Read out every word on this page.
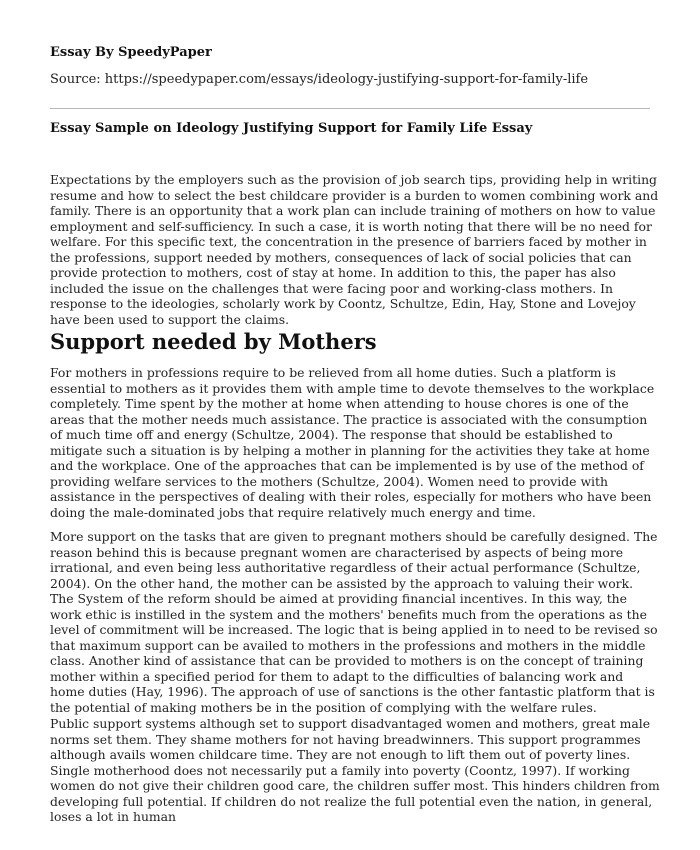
Essay By SpeedyPaper
Source: https://speedypaper.com/essays/ideology-justifying-support-for-family-life
Essay Sample on Ideology Justifying Support for Family Life Essay

Expectations by the employers such as the provision of job search tips, providing help in writing resume and how to select the best childcare provider is a burden to women combining work and family. There is an opportunity that a work plan can include training of mothers on how to value employment and self-sufficiency. In such a case, it is worth noting that there will be no need for welfare. For this specific text, the concentration in the presence of barriers faced by mother in the professions, support needed by mothers, consequences of lack of social policies that can provide protection to mothers, cost of stay at home. In addition to this, the paper has also included the issue on the challenges that were facing poor and working-class mothers. In response to the ideologies, scholarly work by Coontz, Schultze, Edin, Hay, Stone and Lovejoy have been used to support the claims.

Support needed by Mothers

For mothers in professions require to be relieved from all home duties. Such a platform is essential to mothers as it provides them with ample time to devote themselves to the workplace completely. Time spent by the mother at home when attending to house chores is one of the areas that the mother needs much assistance. The practice is associated with the consumption of much time off and energy (Schultze, 2004). The response that should be established to mitigate such a situation is by helping a mother in planning for the activities they take at home and the workplace. One of the approaches that can be implemented is by use of the method of providing welfare services to the mothers (Schultze, 2004). Women need to provide with assistance in the perspectives of dealing with their roles, especially for mothers who have been doing the male-dominated jobs that require relatively much energy and time.

More support on the tasks that are given to pregnant mothers should be carefully designed. The reason behind this is because pregnant women are characterised by aspects of being more irrational, and even being less authoritative regardless of their actual performance (Schultze, 2004). On the other hand, the mother can be assisted by the approach to valuing their work. The System of the reform should be aimed at providing financial incentives. In this way, the work ethic is instilled in the system and the mothers' benefits much from the operations as the level of commitment will be increased. The logic that is being applied in to need to be revised so that maximum support can be availed to mothers in the professions and mothers in the middle class. Another kind of assistance that can be provided to mothers is on the concept of training mother within a specified period for them to adapt to the difficulties of balancing work and home duties (Hay, 1996). The approach of use of sanctions is the other fantastic platform that is the potential of making mothers be in the position of complying with the welfare rules.

Public support systems although set to support disadvantaged women and mothers, great male norms set them. They shame mothers for not having breadwinners. This support programmes although avails women childcare time. They are not enough to lift them out of poverty lines. Single motherhood does not necessarily put a family into poverty (Coontz, 1997). If working women do not give their children good care, the children suffer most. This hinders children from developing full potential. If children do not realize the full potential even the nation, in general, loses a lot in human
